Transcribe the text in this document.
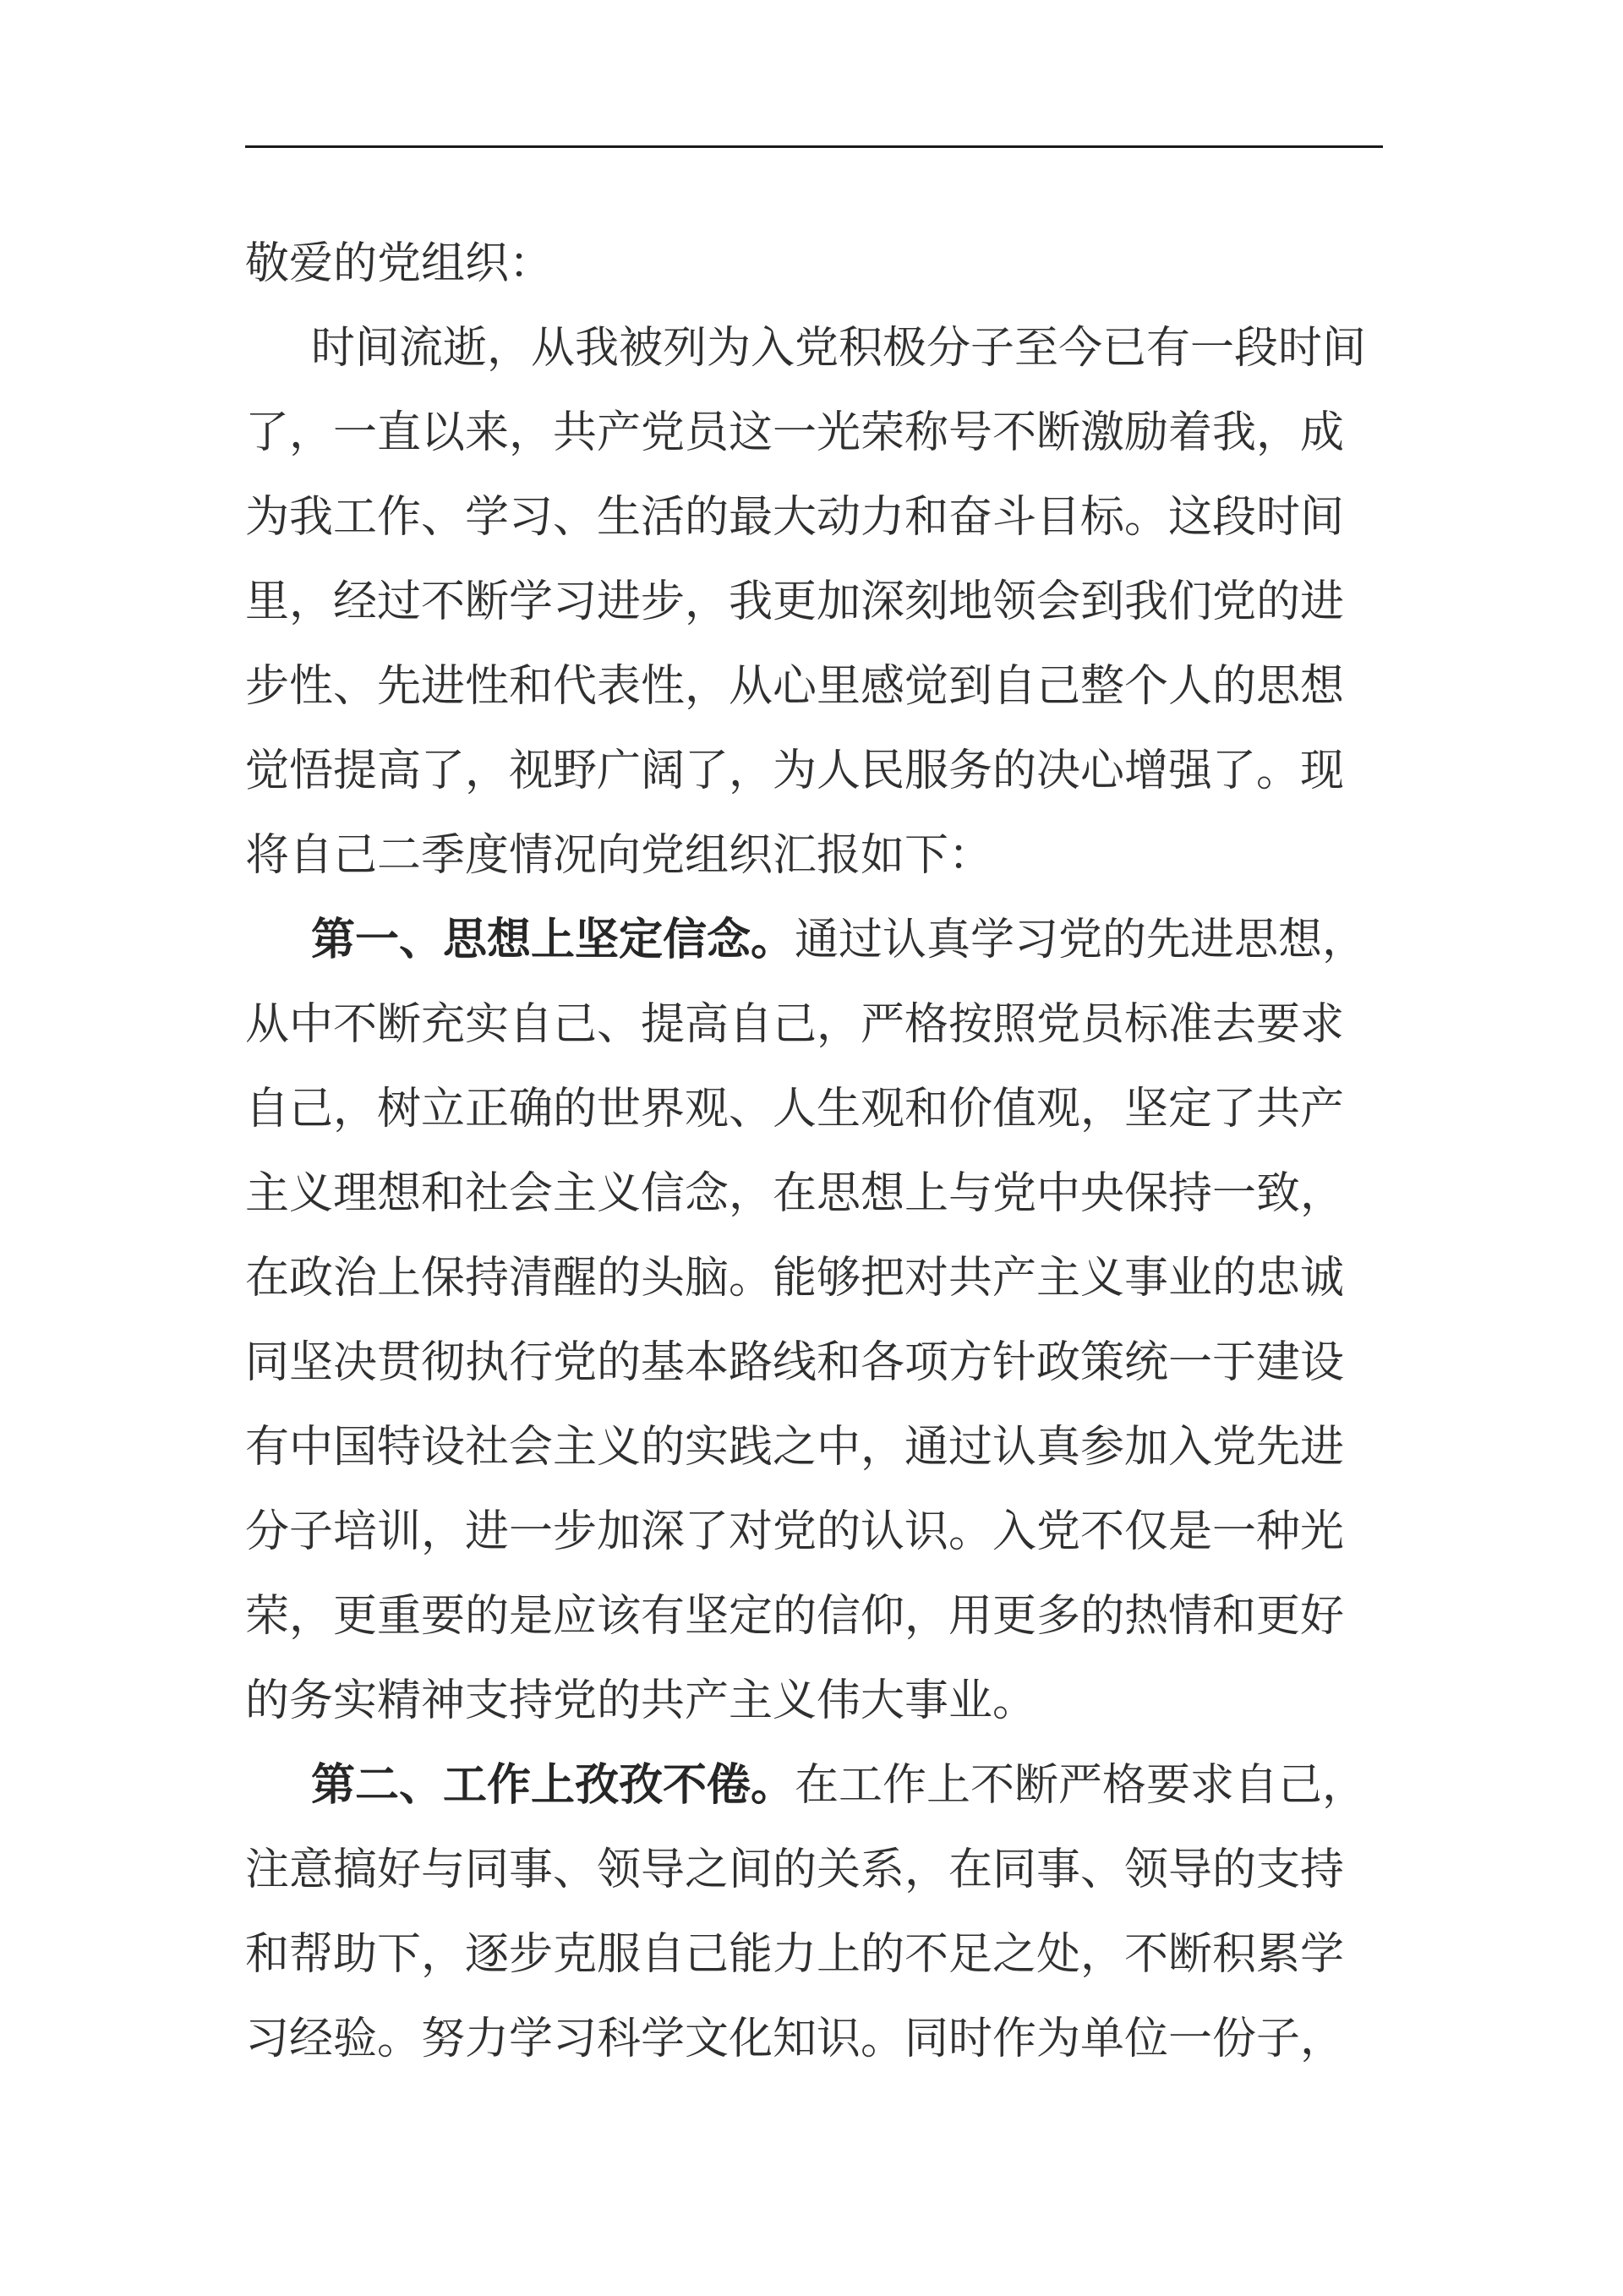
敬爱的党组织：
时间流逝，从我被列为入党积极分子至今已有一段时间
了，一直以来，共产党员这一光荣称号不断激励着我，成
为我工作、学习、生活的最大动力和奋斗目标。这段时间
里，经过不断学习进步，我更加深刻地领会到我们党的进
步性、先进性和代表性，从心里感觉到自己整个人的思想
觉悟提高了，视野广阔了，为人民服务的决心增强了。现
将自己二季度情况向党组织汇报如下：
第一、思想上坚定信念。通过认真学习党的先进思想，
从中不断充实自己、提高自己，严格按照党员标准去要求
自己，树立正确的世界观、人生观和价值观，坚定了共产
主义理想和社会主义信念，在思想上与党中央保持一致，
在政治上保持清醒的头脑。能够把对共产主义事业的忠诚
同坚决贯彻执行党的基本路线和各项方针政策统一于建设
有中国特设社会主义的实践之中，通过认真参加入党先进
分子培训，进一步加深了对党的认识。入党不仅是一种光
荣，更重要的是应该有坚定的信仰，用更多的热情和更好
的务实精神支持党的共产主义伟大事业。
第二、工作上孜孜不倦。在工作上不断严格要求自己，
注意搞好与同事、领导之间的关系，在同事、领导的支持
和帮助下，逐步克服自己能力上的不足之处，不断积累学
习经验。努力学习科学文化知识。同时作为单位一份子，
